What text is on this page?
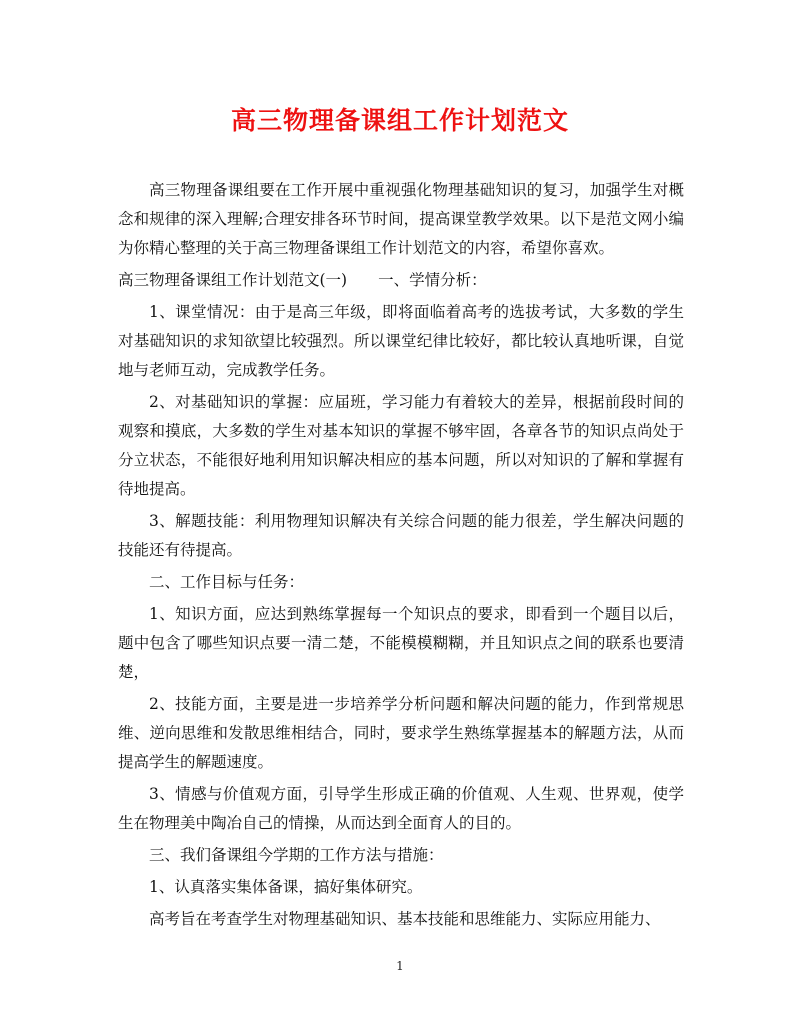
高三物理备课组工作计划范文

高三物理备课组要在工作开展中重视强化物理基础知识的复习，加强学生对概念和规律的深入理解;合理安排各环节时间，提高课堂教学效果。以下是范文网小编为你精心整理的关于高三物理备课组工作计划范文的内容，希望你喜欢。

高三物理备课组工作计划范文(一)　　一、学情分析：

1、课堂情况：由于是高三年级，即将面临着高考的选拔考试，大多数的学生对基础知识的求知欲望比较强烈。所以课堂纪律比较好，都比较认真地听课，自觉地与老师互动，完成教学任务。

2、对基础知识的掌握：应届班，学习能力有着较大的差异，根据前段时间的观察和摸底，大多数的学生对基本知识的掌握不够牢固，各章各节的知识点尚处于分立状态，不能很好地利用知识解决相应的基本问题，所以对知识的了解和掌握有待地提高。

3、解题技能：利用物理知识解决有关综合问题的能力很差，学生解决问题的技能还有待提高。

二、工作目标与任务：

1、知识方面，应达到熟练掌握每一个知识点的要求，即看到一个题目以后，题中包含了哪些知识点要一清二楚，不能模模糊糊，并且知识点之间的联系也要清楚，

2、技能方面，主要是进一步培养学分析问题和解决问题的能力，作到常规思维、逆向思维和发散思维相结合，同时，要求学生熟练掌握基本的解题方法，从而提高学生的解题速度。

3、情感与价值观方面，引导学生形成正确的价值观、人生观、世界观，使学生在物理美中陶冶自己的情操，从而达到全面育人的目的。

三、我们备课组今学期的工作方法与措施：

1、认真落实集体备课，搞好集体研究。

高考旨在考查学生对物理基础知识、基本技能和思维能力、实际应用能力、

1
